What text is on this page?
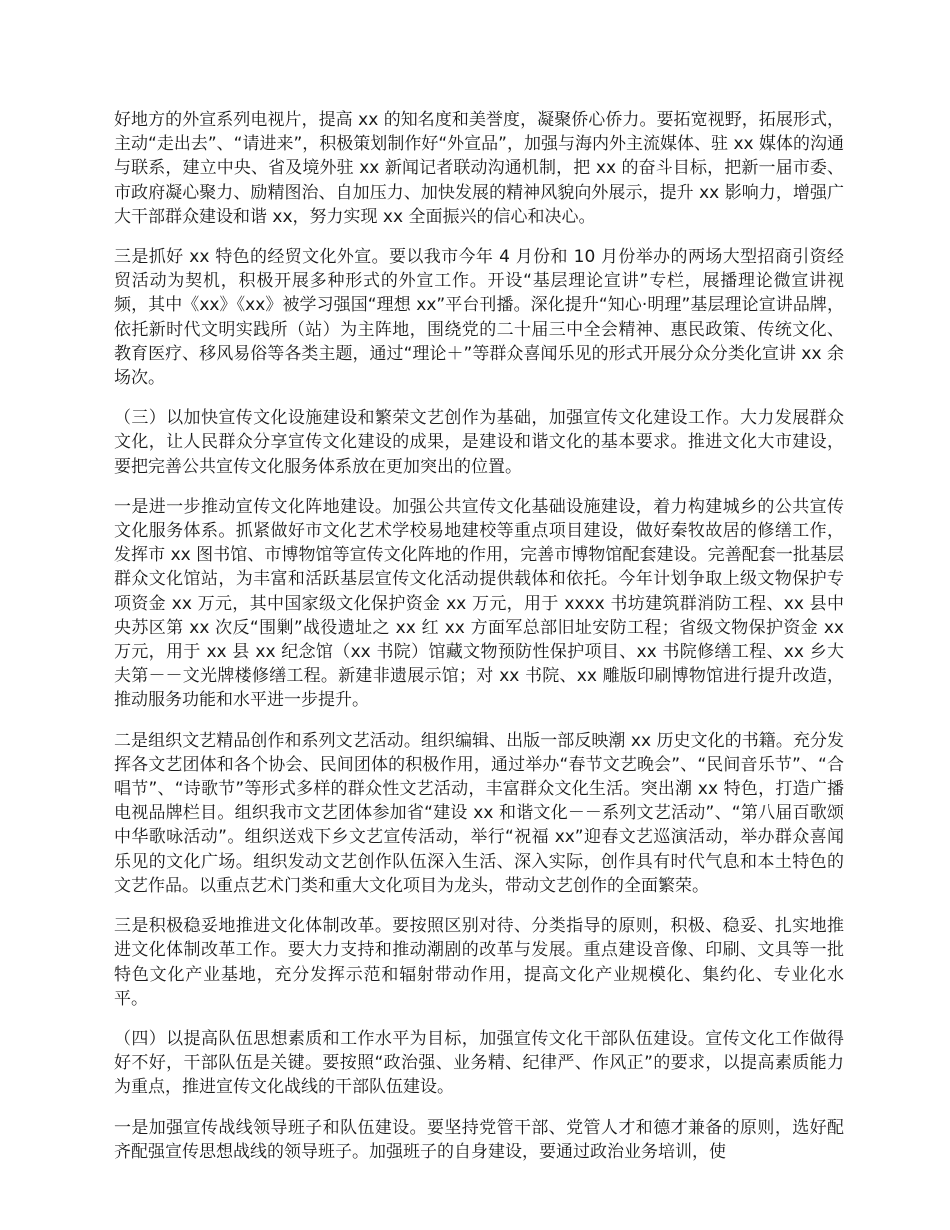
好地方的外宣系列电视片，提高 xx 的知名度和美誉度，凝聚侨心侨力。要拓宽视野，拓展形式，主动“走出去”、“请进来”，积极策划制作好“外宣品”，加强与海内外主流媒体、驻 xx 媒体的沟通与联系，建立中央、省及境外驻 xx 新闻记者联动沟通机制，把 xx 的奋斗目标，把新一届市委、市政府凝心聚力、励精图治、自加压力、加快发展的精神风貌向外展示，提升 xx 影响力，增强广大干部群众建设和谐 xx，努力实现 xx 全面振兴的信心和决心。

三是抓好 xx 特色的经贸文化外宣。要以我市今年 4 月份和 10 月份举办的两场大型招商引资经贸活动为契机，积极开展多种形式的外宣工作。开设“基层理论宣讲”专栏，展播理论微宣讲视频，其中《xx》《xx》被学习强国“理想 xx”平台刊播。深化提升“知心·明理”基层理论宣讲品牌，依托新时代文明实践所（站）为主阵地，围绕党的二十届三中全会精神、惠民政策、传统文化、教育医疗、移风易俗等各类主题，通过“理论＋”等群众喜闻乐见的形式开展分众分类化宣讲 xx 余场次。

（三）以加快宣传文化设施建设和繁荣文艺创作为基础，加强宣传文化建设工作。大力发展群众文化，让人民群众分享宣传文化建设的成果，是建设和谐文化的基本要求。推进文化大市建设，要把完善公共宣传文化服务体系放在更加突出的位置。

一是进一步推动宣传文化阵地建设。加强公共宣传文化基础设施建设，着力构建城乡的公共宣传文化服务体系。抓紧做好市文化艺术学校易地建校等重点项目建设，做好秦牧故居的修缮工作，发挥市 xx 图书馆、市博物馆等宣传文化阵地的作用，完善市博物馆配套建设。完善配套一批基层群众文化馆站，为丰富和活跃基层宣传文化活动提供载体和依托。今年计划争取上级文物保护专项资金 xx 万元，其中国家级文化保护资金 xx 万元，用于 xxxx 书坊建筑群消防工程、xx 县中央苏区第 xx 次反“围剿”战役遗址之 xx 红 xx 方面军总部旧址安防工程；省级文物保护资金 xx 万元，用于 xx 县 xx 纪念馆（xx 书院）馆藏文物预防性保护项目、xx 书院修缮工程、xx 乡大夫第－－文光牌楼修缮工程。新建非遗展示馆；对 xx 书院、xx 雕版印刷博物馆进行提升改造，推动服务功能和水平进一步提升。

二是组织文艺精品创作和系列文艺活动。组织编辑、出版一部反映潮 xx 历史文化的书籍。充分发挥各文艺团体和各个协会、民间团体的积极作用，通过举办“春节文艺晚会”、“民间音乐节”、“合唱节”、“诗歌节”等形式多样的群众性文艺活动，丰富群众文化生活。突出潮 xx 特色，打造广播电视品牌栏目。组织我市文艺团体参加省“建设 xx 和谐文化－－系列文艺活动”、“第八届百歌颂中华歌咏活动”。组织送戏下乡文艺宣传活动，举行“祝福 xx”迎春文艺巡演活动，举办群众喜闻乐见的文化广场。组织发动文艺创作队伍深入生活、深入实际，创作具有时代气息和本土特色的文艺作品。以重点艺术门类和重大文化项目为龙头，带动文艺创作的全面繁荣。

三是积极稳妥地推进文化体制改革。要按照区别对待、分类指导的原则，积极、稳妥、扎实地推进文化体制改革工作。要大力支持和推动潮剧的改革与发展。重点建设音像、印刷、文具等一批特色文化产业基地，充分发挥示范和辐射带动作用，提高文化产业规模化、集约化、专业化水平。

（四）以提高队伍思想素质和工作水平为目标，加强宣传文化干部队伍建设。宣传文化工作做得好不好，干部队伍是关键。要按照“政治强、业务精、纪律严、作风正”的要求，以提高素质能力为重点，推进宣传文化战线的干部队伍建设。

一是加强宣传战线领导班子和队伍建设。要坚持党管干部、党管人才和德才兼备的原则，选好配齐配强宣传思想战线的领导班子。加强班子的自身建设，要通过政治业务培训，使
